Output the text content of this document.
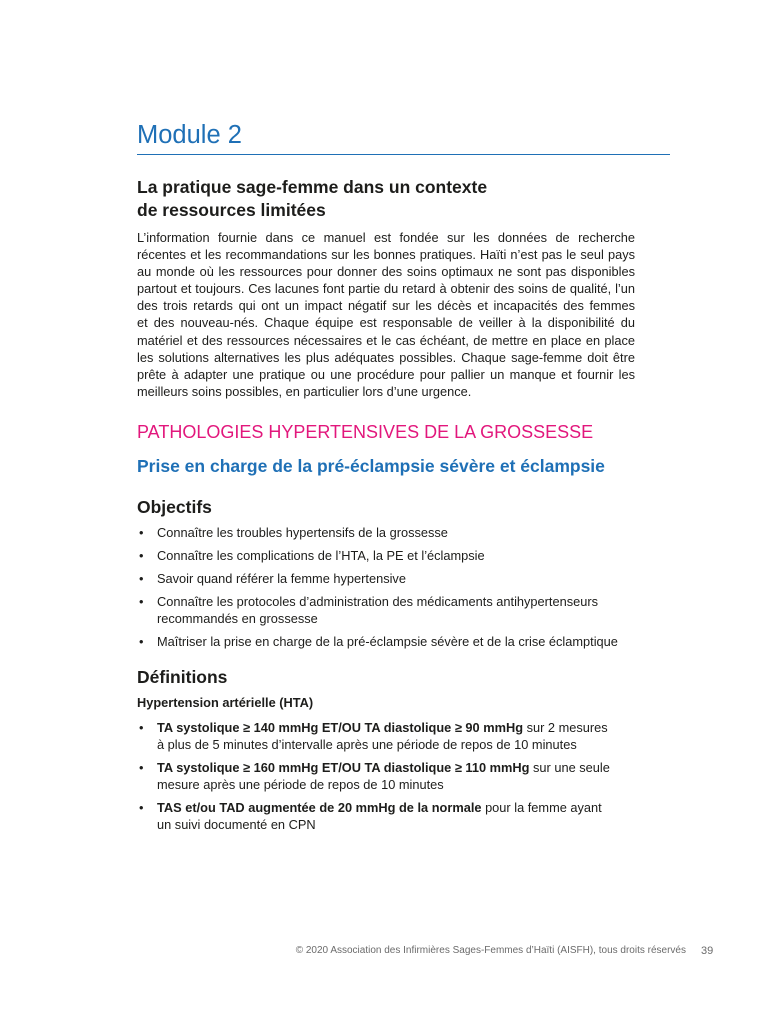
Module 2
La pratique sage-femme dans un contexte
de ressources limitées
L’information fournie dans ce manuel est fondée sur les données de recherche
récentes et les recommandations sur les bonnes pratiques. Haïti n’est pas le seul pays
au monde où les ressources pour donner des soins optimaux ne sont pas disponibles
partout et toujours. Ces lacunes font partie du retard à obtenir des soins de qualité, l’un
des trois retards qui ont un impact négatif sur les décès et incapacités des femmes
et des nouveau-nés. Chaque équipe est responsable de veiller à la disponibilité du
matériel et des ressources nécessaires et le cas échéant, de mettre en place en place
les solutions alternatives les plus adéquates possibles. Chaque sage-femme doit être
prête à adapter une pratique ou une procédure pour pallier un manque et fournir les
meilleurs soins possibles, en particulier lors d’une urgence.
PATHOLOGIES HYPERTENSIVES DE LA GROSSESSE
Prise en charge de la pré-éclampsie sévère et éclampsie
Objectifs
•
Connaître les troubles hypertensifs de la grossesse
•
Connaître les complications de l’HTA, la PE et l’éclampsie
•
Savoir quand référer la femme hypertensive
•
Connaître les protocoles d’administration des médicaments antihypertenseurs
recommandés en grossesse
•
Maîtriser la prise en charge de la pré-éclampsie sévère et de la crise éclamptique
Définitions
Hypertension artérielle (HTA)
•
TA systolique ≥ 140 mmHg ET/OU TA diastolique ≥ 90 mmHg sur 2 mesures
à plus de 5 minutes d’intervalle après une période de repos de 10 minutes
•
TA systolique ≥ 160 mmHg ET/OU TA diastolique ≥ 110 mmHg sur une seule
mesure après une période de repos de 10 minutes
•
TAS et/ou TAD augmentée de 20 mmHg de la normale pour la femme ayant
un suivi documenté en CPN
© 2020 Association des Infirmières Sages-Femmes d’Haïti (AISFH), tous droits réservés 39
